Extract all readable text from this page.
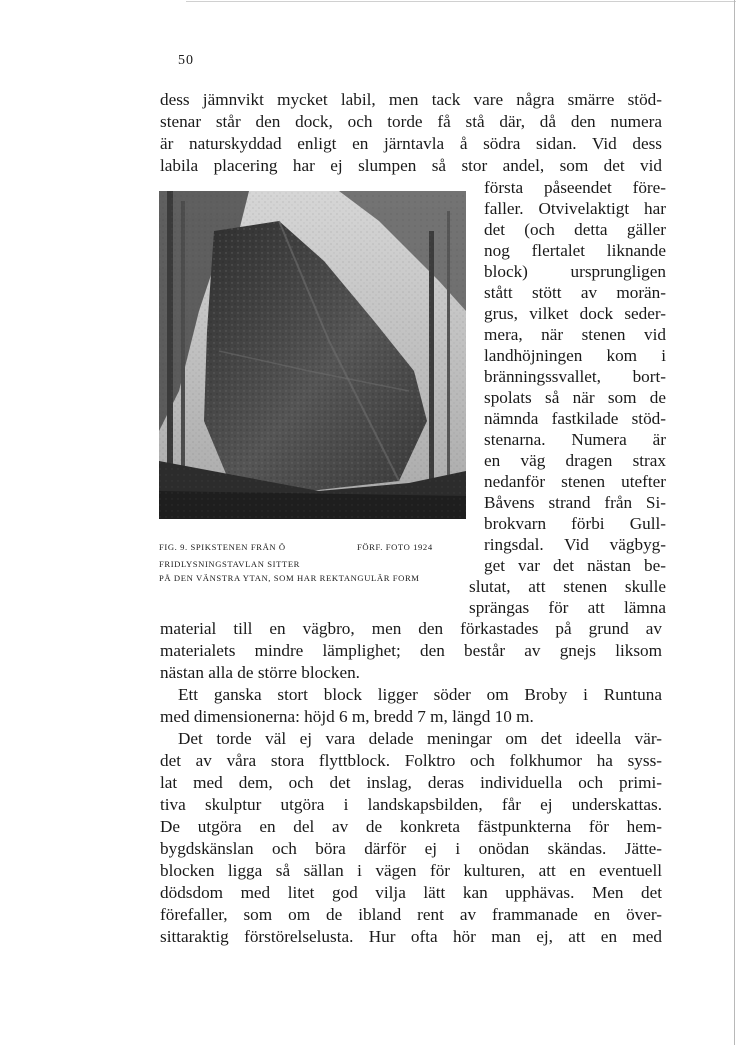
50
dess jämnvikt mycket labil, men tack vare några smärre stöd-
stenar står den dock, och torde få stå där, då den numera
är naturskyddad enligt en järntavla å södra sidan. Vid dess
labila placering har ej slumpen så stor andel, som det vid
FIG. 9. SPIKSTENEN FRÅN Ö	FÖRF. FOTO 1924
FRIDLYSNINGSTAVLAN SITTER
PÅ DEN VÄNSTRA YTAN, SOM HAR REKTANGULÄR FORM
första påseendet före-
faller. Otvivelaktigt har
det (och detta gäller
nog flertalet liknande
block) ursprungligen
stått stött av morän-
grus, vilket dock seder-
mera, när stenen vid
landhöjningen kom i
bränningssvallet, bort-
spolats så när som de
nämnda fastkilade stöd-
stenarna. Numera är
en väg dragen strax
nedanför stenen utefter
Båvens strand från Si-
brokvarn förbi Gull-
ringsdal. Vid vägbyg-
get var det nästan be-
slutat, att stenen skulle
sprängas för att lämna
material till en vägbro, men den förkastades på grund av
materialets mindre lämplighet; den består av gnejs liksom
nästan alla de större blocken.
Ett ganska stort block ligger söder om Broby i Runtuna
med dimensionerna: höjd 6 m, bredd 7 m, längd 10 m.
Det torde väl ej vara delade meningar om det ideella vär-
det av våra stora flyttblock. Folktro och folkhumor ha syss-
lat med dem, och det inslag, deras individuella och primi-
tiva skulptur utgöra i landskapsbilden, får ej underskattas.
De utgöra en del av de konkreta fästpunkterna för hem-
bygdskänslan och böra därför ej i onödan skändas. Jätte-
blocken ligga så sällan i vägen för kulturen, att en eventuell
dödsdom med litet god vilja lätt kan upphävas. Men det
förefaller, som om de ibland rent av frammanade en över-
sittaraktig förstörelselusta. Hur ofta hör man ej, att en med
